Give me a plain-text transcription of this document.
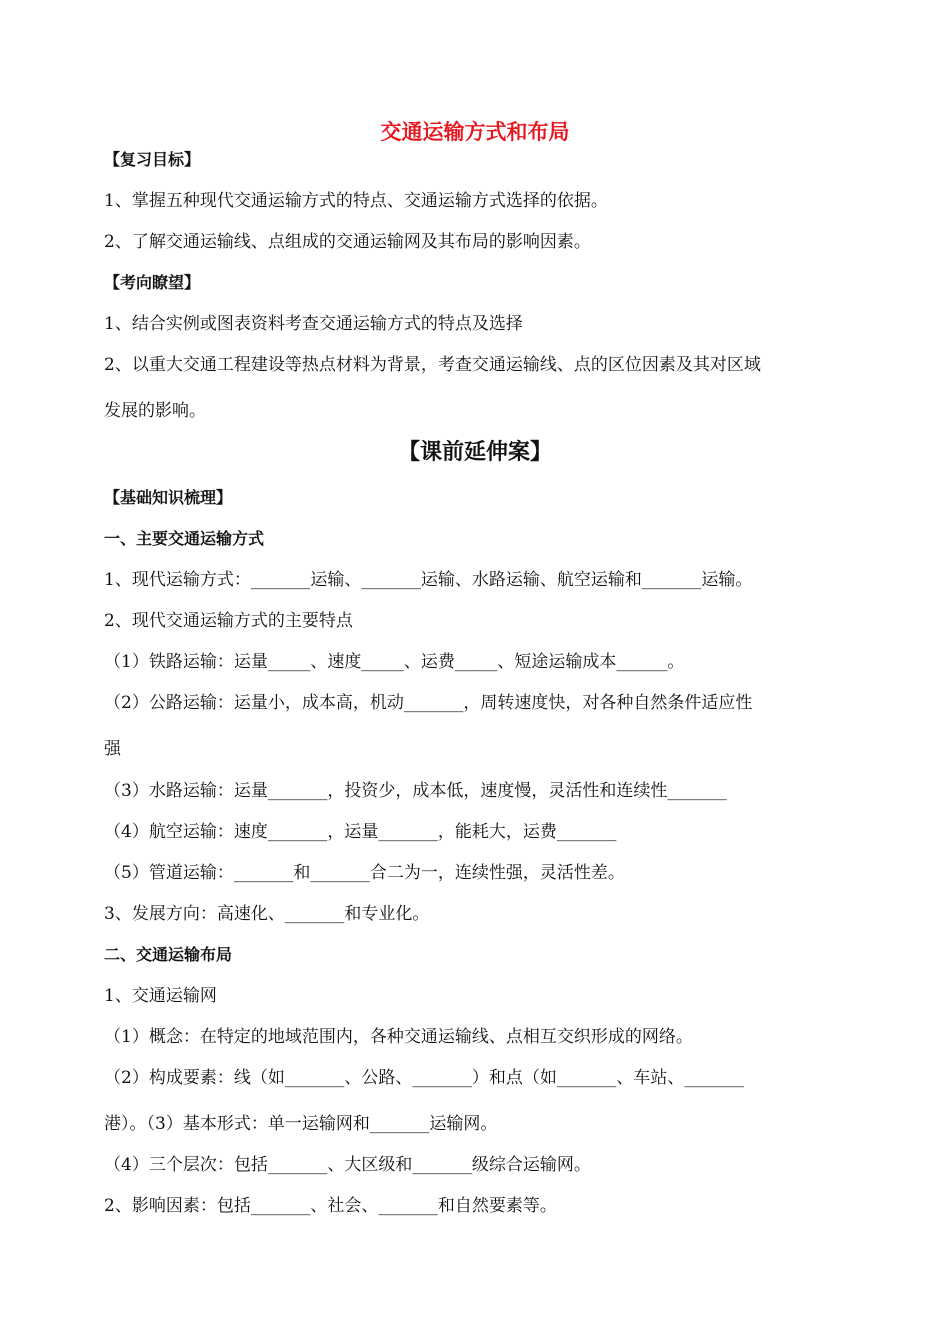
交通运输方式和布局
【复习目标】
1、掌握五种现代交通运输方式的特点、交通运输方式选择的依据。
2、了解交通运输线、点组成的交通运输网及其布局的影响因素。
【考向瞭望】
1、结合实例或图表资料考查交通运输方式的特点及选择
2、以重大交通工程建设等热点材料为背景，考查交通运输线、点的区位因素及其对区域
发展的影响。
【课前延伸案】
【基础知识梳理】
一、主要交通运输方式
1、现代运输方式：_______运输、_______运输、水路运输、航空运输和_______运输。
2、现代交通运输方式的主要特点
（1）铁路运输：运量_____、速度_____、运费_____、短途运输成本______。
（2）公路运输：运量小，成本高，机动_______，周转速度快，对各种自然条件适应性
强
（3）水路运输：运量_______，投资少，成本低，速度慢，灵活性和连续性_______
（4）航空运输：速度_______，运量_______，能耗大，运费_______
（5）管道运输：_______和_______合二为一，连续性强，灵活性差。
3、发展方向：高速化、_______和专业化。
二、交通运输布局
1、交通运输网
（1）概念：在特定的地域范围内，各种交通运输线、点相互交织形成的网络。
（2）构成要素：线（如_______、公路、_______）和点（如_______、车站、_______
港）。（3）基本形式：单一运输网和_______运输网。
（4）三个层次：包括_______、大区级和_______级综合运输网。
2、影响因素：包括_______、社会、_______和自然要素等。
